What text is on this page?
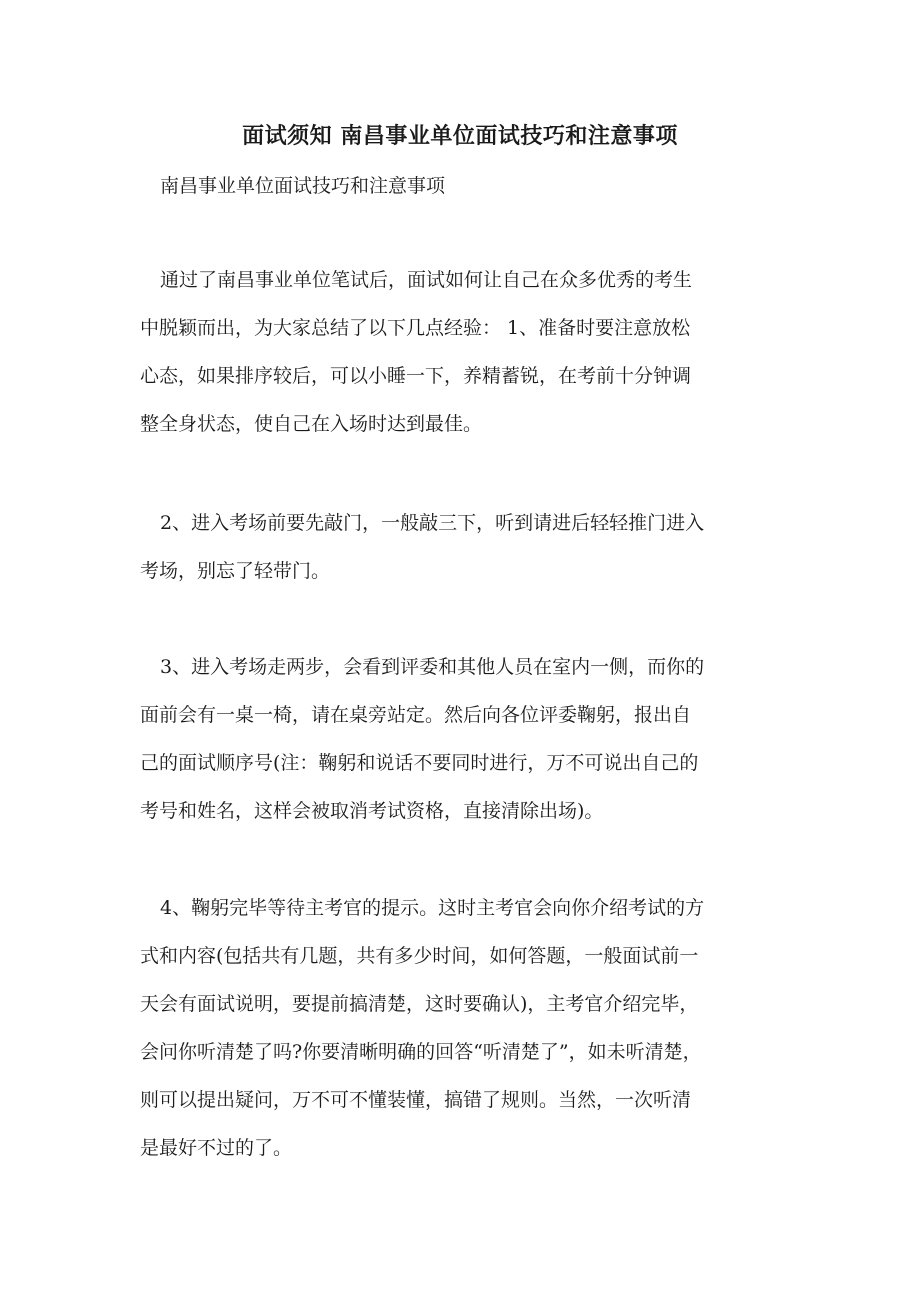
面试须知 南昌事业单位面试技巧和注意事项
南昌事业单位面试技巧和注意事项
通过了南昌事业单位笔试后，面试如何让自己在众多优秀的考生
中脱颖而出，为大家总结了以下几点经验： 1、准备时要注意放松
心态，如果排序较后，可以小睡一下，养精蓄锐，在考前十分钟调
整全身状态，使自己在入场时达到最佳。
2、进入考场前要先敲门，一般敲三下，听到请进后轻轻推门进入
考场，别忘了轻带门。
3、进入考场走两步，会看到评委和其他人员在室内一侧，而你的
面前会有一桌一椅，请在桌旁站定。然后向各位评委鞠躬，报出自
己的面试顺序号(注：鞠躬和说话不要同时进行，万不可说出自己的
考号和姓名，这样会被取消考试资格，直接清除出场)。
4、鞠躬完毕等待主考官的提示。这时主考官会向你介绍考试的方
式和内容(包括共有几题，共有多少时间，如何答题，一般面试前一
天会有面试说明，要提前搞清楚，这时要确认)，主考官介绍完毕，
会问你听清楚了吗?你要清晰明确的回答“听清楚了”，如未听清楚，
则可以提出疑问，万不可不懂装懂，搞错了规则。当然，一次听清
是最好不过的了。
